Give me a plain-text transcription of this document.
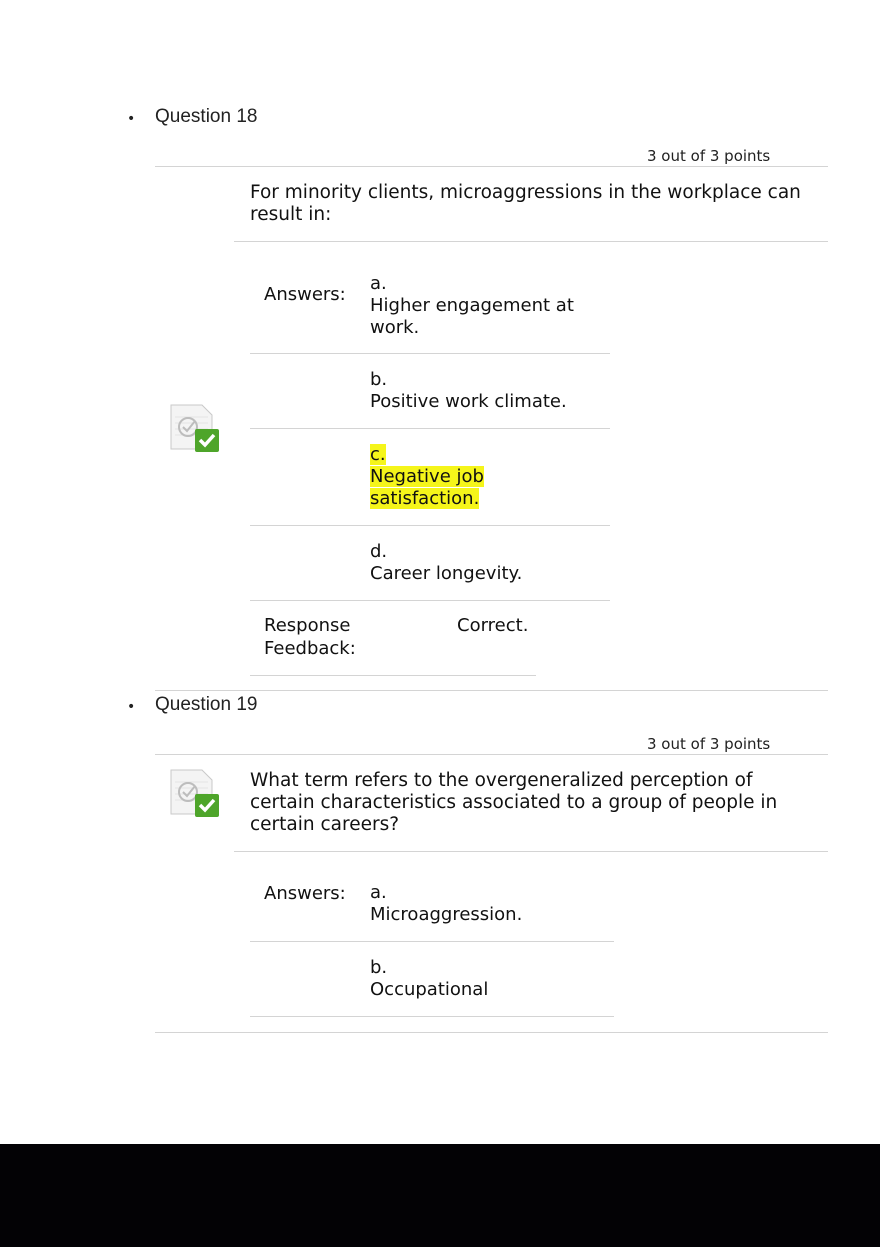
• Question 18
3 out of 3 points
For minority clients, microaggressions in the workplace can result in:
Answers:
a.
Higher engagement at work.
b.
Positive work climate.
c.
Negative job satisfaction.
d.
Career longevity.
Response Feedback:
Correct.
• Question 19
3 out of 3 points
What term refers to the overgeneralized perception of certain characteristics associated to a group of people in certain careers?
Answers: a.
Microaggression.
b.
Occupational
